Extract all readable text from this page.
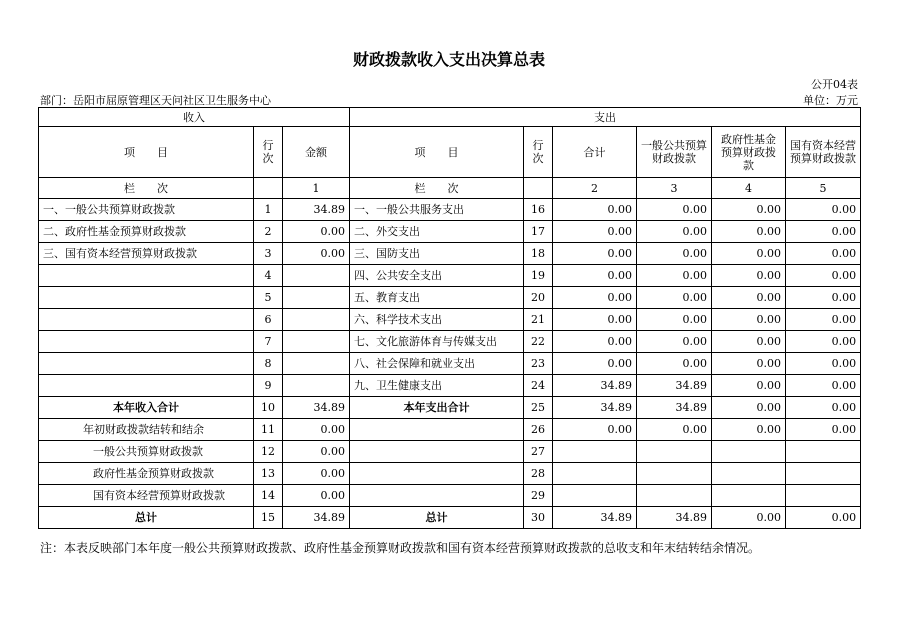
财政拨款收入支出决算总表
公开04表
部门：岳阳市屈原管理区天问社区卫生服务中心	单位：万元
收入			支出					
项　　目	行次	金额	项　　目	行次	合计	一般公共预算财政拨款	政府性基金预算财政拨款	国有资本经营预算财政拨款
栏　　次		1	栏　　次		2	3	4	5
一、一般公共预算财政拨款	1	34.89	一、一般公共服务支出	16	0.00	0.00	0.00	0.00
二、政府性基金预算财政拨款	2	0.00	二、外交支出	17	0.00	0.00	0.00	0.00
三、国有资本经营预算财政拨款	3	0.00	三、国防支出	18	0.00	0.00	0.00	0.00
	4		四、公共安全支出	19	0.00	0.00	0.00	0.00
	5		五、教育支出	20	0.00	0.00	0.00	0.00
	6		六、科学技术支出	21	0.00	0.00	0.00	0.00
	7		七、文化旅游体育与传媒支出	22	0.00	0.00	0.00	0.00
	8		八、社会保障和就业支出	23	0.00	0.00	0.00	0.00
	9		九、卫生健康支出	24	34.89	34.89	0.00	0.00
本年收入合计	10	34.89	本年支出合计	25	34.89	34.89	0.00	0.00
年初财政拨款结转和结余	11	0.00		26	0.00	0.00	0.00	0.00
一般公共预算财政拨款	12	0.00		27				
政府性基金预算财政拨款	13	0.00		28				
国有资本经营预算财政拨款	14	0.00		29				
总计	15	34.89	总计	30	34.89	34.89	0.00	0.00
注：本表反映部门本年度一般公共预算财政拨款、政府性基金预算财政拨款和国有资本经营预算财政拨款的总收支和年末结转结余情况。
